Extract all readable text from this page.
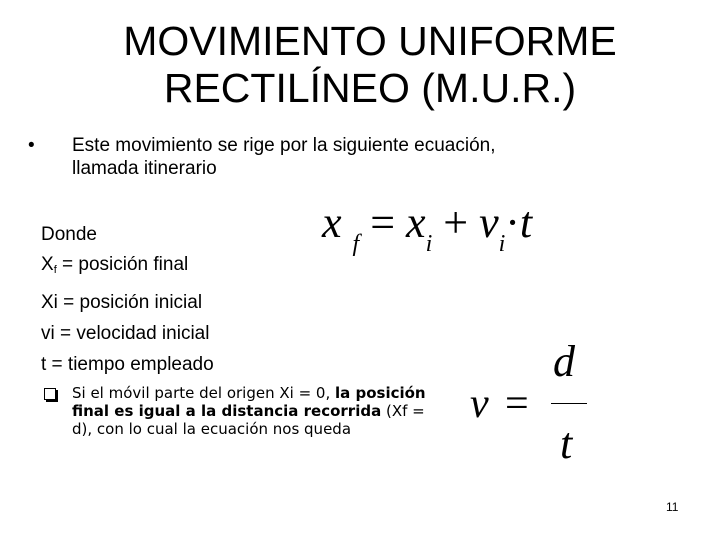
MOVIMIENTO UNIFORME
RECTILÍNEO (M.U.R.)
• Este movimiento se rige por la siguiente ecuación,
llamada itinerario
Donde
$X_f$ = posición final
Xi = posición inicial
vi = velocidad inicial
t = tiempo empleado
x $_f = x_i + v_i\cdot t$
Si el móvil parte del origen Xi = 0, la posición final es igual a la distancia recorrida (Xf = d), con lo cual la ecuación nos queda
v =
d
t
11
